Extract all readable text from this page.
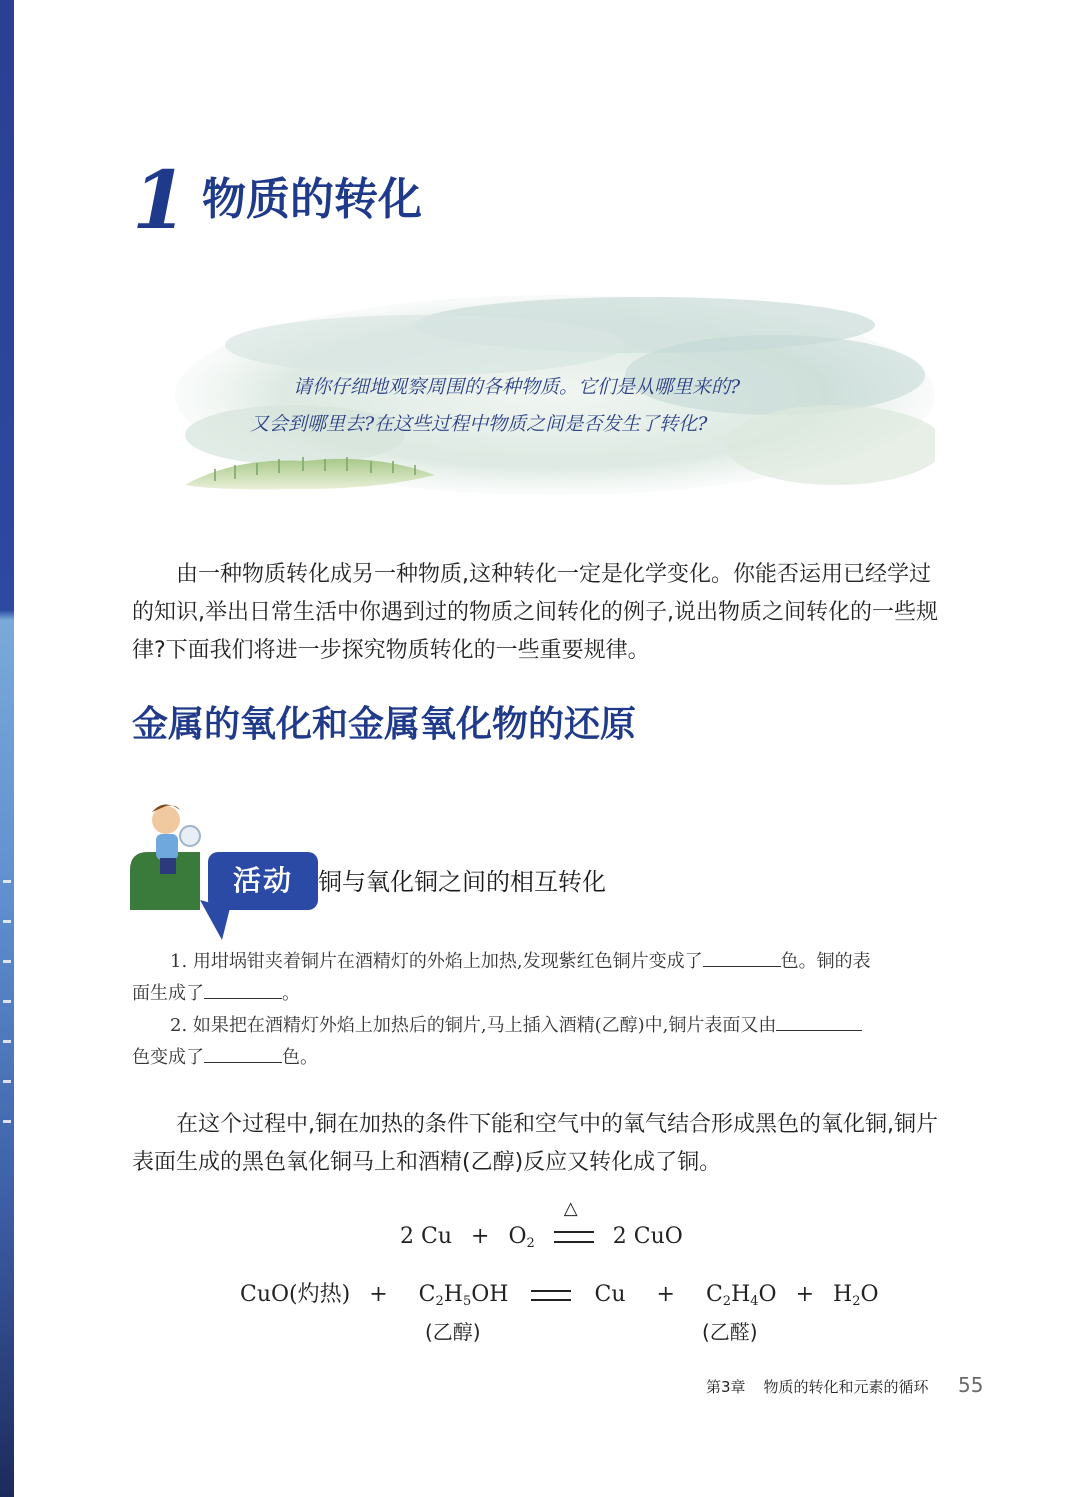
1 物质的转化
请你仔细地观察周围的各种物质。它们是从哪里来的?
又会到哪里去?在这些过程中物质之间是否发生了转化?

由一种物质转化成另一种物质,这种转化一定是化学变化。你能否运用已经学过的知识,举出日常生活中你遇到过的物质之间转化的例子,说出物质之间转化的一些规律?下面我们将进一步探究物质转化的一些重要规律。

金属的氧化和金属氧化物的还原
活动	铜与氧化铜之间的相互转化
1. 用坩埚钳夹着铜片在酒精灯的外焰上加热,发现紫红色铜片变成了	色。铜的表
面生成了	。
2. 如果把在酒精灯外焰上加热后的铜片,马上插入酒精(乙醇)中,铜片表面又由
色变成了	色。

在这个过程中,铜在加热的条件下能和空气中的氧气结合形成黑色的氧化铜,铜片表面生成的黑色氧化铜马上和酒精(乙醇)反应又转化成了铜。

2 $Cu + O_2$
△
2 CuO
CuO(灼热) + $C_2H_5OH$	$Cu + C_2H_4O + H_2O$
(乙醇)	(乙醛)
第3章 物质的转化和元素的循环 55
